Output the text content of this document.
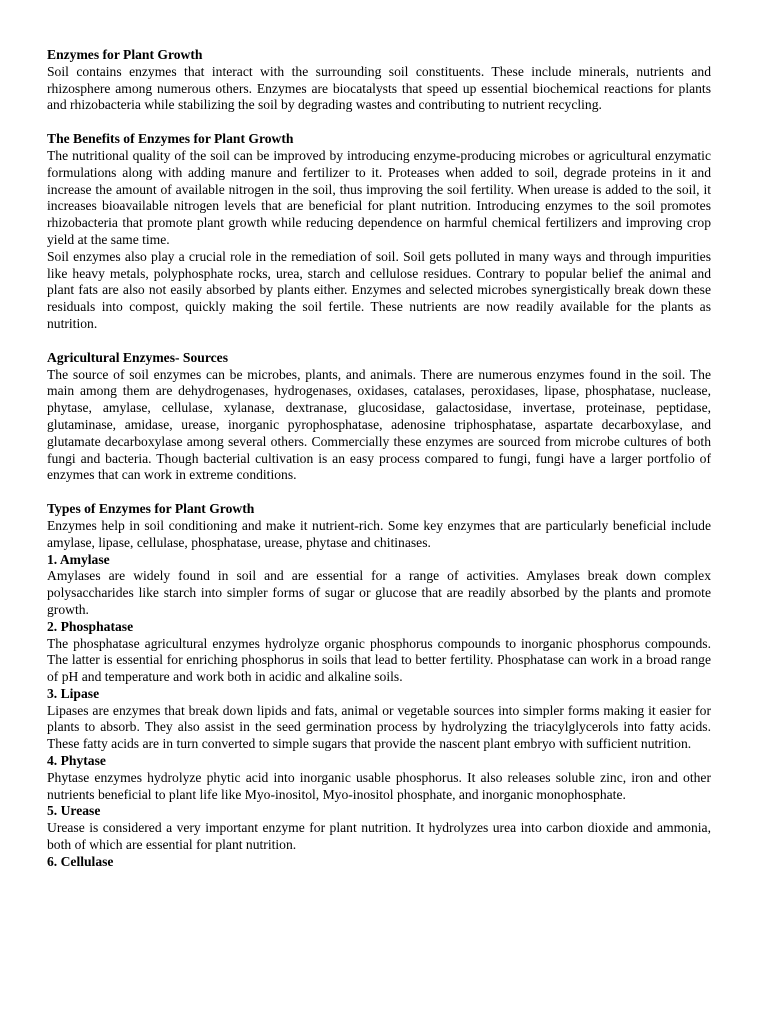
Enzymes for Plant Growth

Soil contains enzymes that interact with the surrounding soil constituents. These include minerals, nutrients and rhizosphere among numerous others. Enzymes are biocatalysts that speed up essential biochemical reactions for plants and rhizobacteria while stabilizing the soil by degrading wastes and contributing to nutrient recycling.

The Benefits of Enzymes for Plant Growth

The nutritional quality of the soil can be improved by introducing enzyme-producing microbes or agricultural enzymatic formulations along with adding manure and fertilizer to it. Proteases when added to soil, degrade proteins in it and increase the amount of available nitrogen in the soil, thus improving the soil fertility. When urease is added to the soil, it increases bioavailable nitrogen levels that are beneficial for plant nutrition. Introducing enzymes to the soil promotes rhizobacteria that promote plant growth while reducing dependence on harmful chemical fertilizers and improving crop yield at the same time.

Soil enzymes also play a crucial role in the remediation of soil. Soil gets polluted in many ways and through impurities like heavy metals, polyphosphate rocks, urea, starch and cellulose residues. Contrary to popular belief the animal and plant fats are also not easily absorbed by plants either. Enzymes and selected microbes synergistically break down these residuals into compost, quickly making the soil fertile. These nutrients are now readily available for the plants as nutrition.

Agricultural Enzymes- Sources

The source of soil enzymes can be microbes, plants, and animals. There are numerous enzymes found in the soil. The main among them are dehydrogenases, hydrogenases, oxidases, catalases, peroxidases, lipase, phosphatase, nuclease, phytase, amylase, cellulase, xylanase, dextranase, glucosidase, galactosidase, invertase, proteinase, peptidase, glutaminase, amidase, urease, inorganic pyrophosphatase, adenosine triphosphatase, aspartate decarboxylase, and glutamate decarboxylase among several others. Commercially these enzymes are sourced from microbe cultures of both fungi and bacteria. Though bacterial cultivation is an easy process compared to fungi, fungi have a larger portfolio of enzymes that can work in extreme conditions.

Types of Enzymes for Plant Growth

Enzymes help in soil conditioning and make it nutrient-rich. Some key enzymes that are particularly beneficial include amylase, lipase, cellulase, phosphatase, urease, phytase and chitinases.

1. Amylase

Amylases are widely found in soil and are essential for a range of activities. Amylases break down complex polysaccharides like starch into simpler forms of sugar or glucose that are readily absorbed by the plants and promote growth.

2. Phosphatase

The phosphatase agricultural enzymes hydrolyze organic phosphorus compounds to inorganic phosphorus compounds. The latter is essential for enriching phosphorus in soils that lead to better fertility. Phosphatase can work in a broad range of pH and temperature and work both in acidic and alkaline soils.

3. Lipase

Lipases are enzymes that break down lipids and fats, animal or vegetable sources into simpler forms making it easier for plants to absorb. They also assist in the seed germination process by hydrolyzing the triacylglycerols into fatty acids. These fatty acids are in turn converted to simple sugars that provide the nascent plant embryo with sufficient nutrition.

4. Phytase

Phytase enzymes hydrolyze phytic acid into inorganic usable phosphorus. It also releases soluble zinc, iron and other nutrients beneficial to plant life like Myo-inositol, Myo-inositol phosphate, and inorganic monophosphate.

5. Urease

Urease is considered a very important enzyme for plant nutrition. It hydrolyzes urea into carbon dioxide and ammonia, both of which are essential for plant nutrition.

6. Cellulase
